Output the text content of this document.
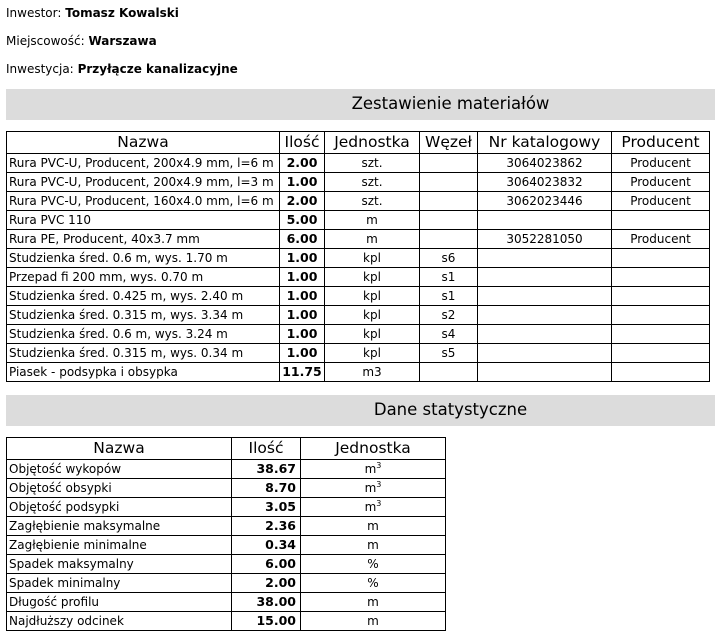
Inwestor: Tomasz Kowalski
Miejscowość: Warszawa
Inwestycja: Przyłącze kanalizacyjne
Zestawienie materiałów
Nazwa	Ilość	Jednostka	Węzeł	Nr katalogowy	Producent
Rura PVC-U, Producent, 200x4.9 mm, l=6 m	2.00	szt.		3064023862	Producent
Rura PVC-U, Producent, 200x4.9 mm, l=3 m	1.00	szt.		3064023832	Producent
Rura PVC-U, Producent, 160x4.0 mm, l=6 m	2.00	szt.		3062023446	Producent
Rura PVC 110	5.00	m			
Rura PE, Producent, 40x3.7 mm	6.00	m		3052281050	Producent
Studzienka śred. 0.6 m, wys. 1.70 m	1.00	kpl	s6		
Przepad fi 200 mm, wys. 0.70 m	1.00	kpl	s1		
Studzienka śred. 0.425 m, wys. 2.40 m	1.00	kpl	s1		
Studzienka śred. 0.315 m, wys. 3.34 m	1.00	kpl	s2		
Studzienka śred. 0.6 m, wys. 3.24 m	1.00	kpl	s4		
Studzienka śred. 0.315 m, wys. 0.34 m	1.00	kpl	s5		
Piasek - podsypka i obsypka	11.75	m3			
Dane statystyczne
Nazwa	Ilość	Jednostka
Objętość wykopów	38.67	$m^3$
Objętość obsypki	8.70	$m^3$
Objętość podsypki	3.05	$m^3$
Zagłębienie maksymalne	2.36	m
Zagłębienie minimalne	0.34	m
Spadek maksymalny	6.00	%
Spadek minimalny	2.00	%
Długość profilu	38.00	m
Najdłuższy odcinek	15.00	m
